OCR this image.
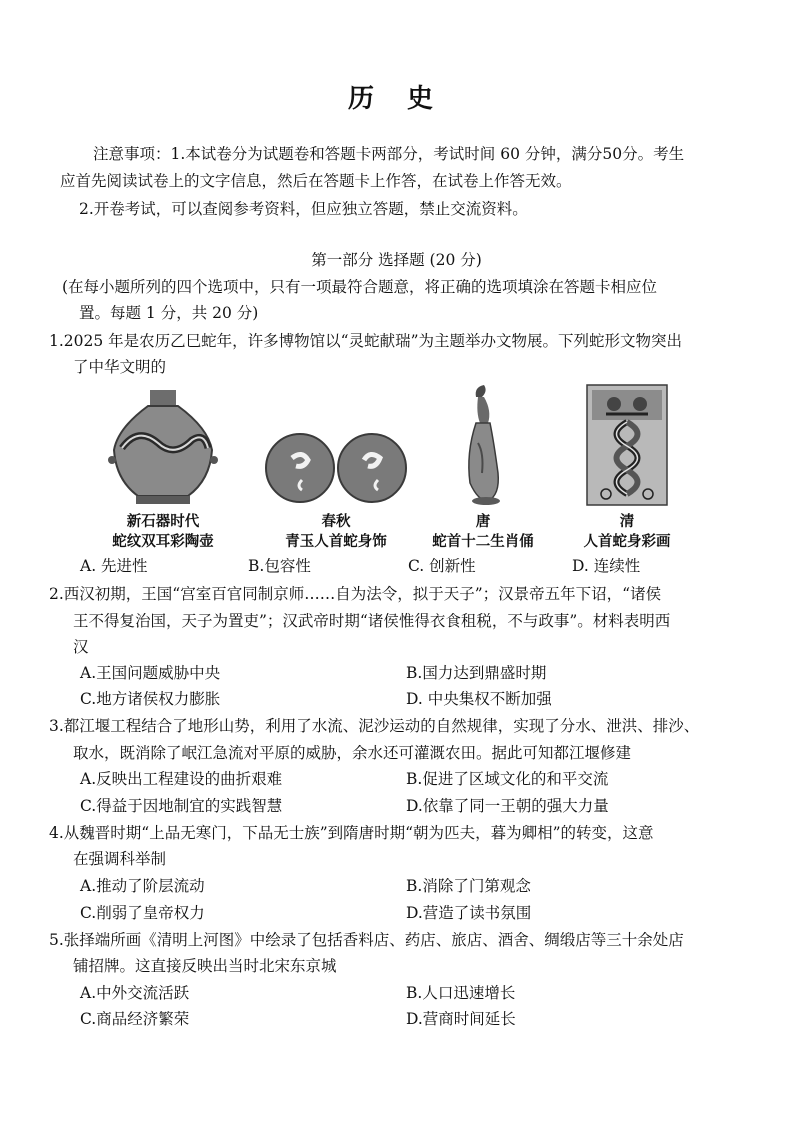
历 史
注意事项：1.本试卷分为试题卷和答题卡两部分，考试时间 60 分钟，满分50分。考生
应首先阅读试卷上的文字信息，然后在答题卡上作答，在试卷上作答无效。
2.开卷考试，可以查阅参考资料，但应独立答题，禁止交流资料。
第一部分 选择题 (20 分)
(在每小题所列的四个选项中，只有一项最符合题意，将正确的选项填涂在答题卡相应位
置。每题 1 分，共 20 分)
1.2025 年是农历乙巳蛇年，许多博物馆以“灵蛇献瑞”为主题举办文物展。下列蛇形文物突出
了中华文明的
新石器时代
蛇纹双耳彩陶壶
春秋
青玉人首蛇身饰
唐
蛇首十二生肖俑
清
人首蛇身彩画
A. 先进性	B.包容性	C. 创新性	D. 连续性
2.西汉初期，王国“宫室百官同制京师……自为法令，拟于天子”；汉景帝五年下诏，“诸侯
王不得复治国，天子为置吏”；汉武帝时期“诸侯惟得衣食租税，不与政事”。材料表明西
汉
A.王国问题威胁中央	B.国力达到鼎盛时期
C.地方诸侯权力膨胀	D. 中央集权不断加强
3.都江堰工程结合了地形山势，利用了水流、泥沙运动的自然规律，实现了分水、泄洪、排沙、
取水，既消除了岷江急流对平原的威胁，余水还可灌溉农田。据此可知都江堰修建
A.反映出工程建设的曲折艰难	B.促进了区域文化的和平交流
C.得益于因地制宜的实践智慧	D.依靠了同一王朝的强大力量
4.从魏晋时期“上品无寒门，下品无士族”到隋唐时期“朝为匹夫，暮为卿相”的转变，这意
在强调科举制
A.推动了阶层流动	B.消除了门第观念
C.削弱了皇帝权力	D.营造了读书氛围
5.张择端所画《清明上河图》中绘录了包括香料店、药店、旅店、酒舍、绸缎店等三十余处店
铺招牌。这直接反映出当时北宋东京城
A.中外交流活跃	B.人口迅速增长
C.商品经济繁荣	D.营商时间延长
